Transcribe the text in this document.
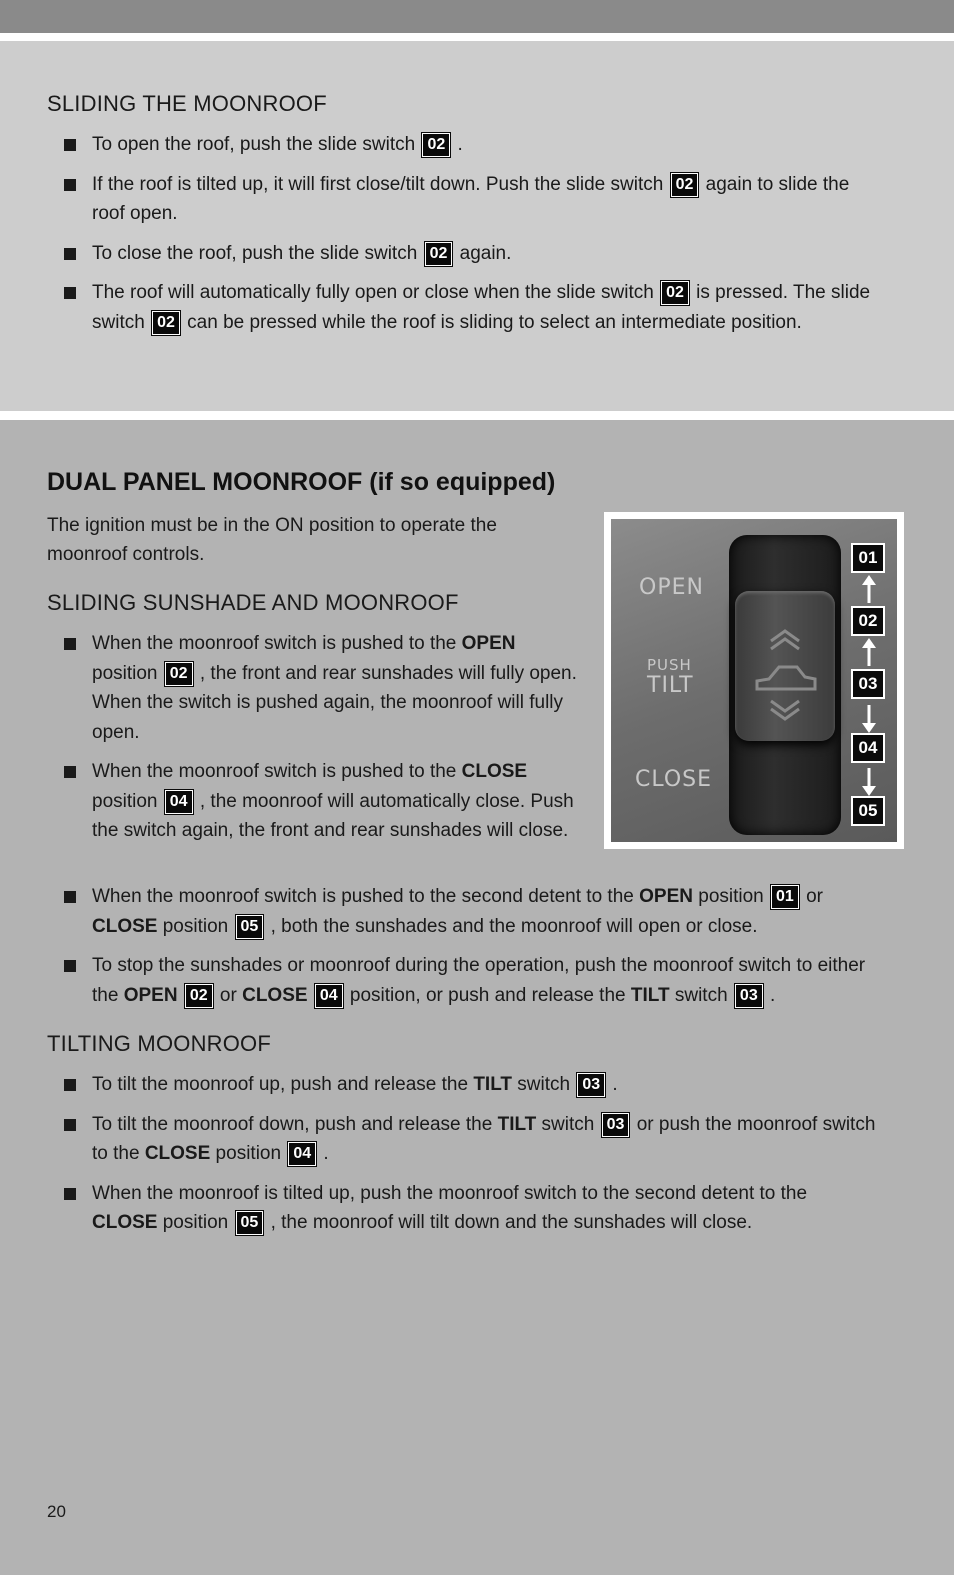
SLIDING THE MOONROOF
To open the roof, push the slide switch 02 .
If the roof is tilted up, it will first close/tilt down. Push the slide switch 02 again to slide the roof open.
To close the roof, push the slide switch 02 again.
The roof will automatically fully open or close when the slide switch 02 is pressed. The slide switch 02 can be pressed while the roof is sliding to select an intermediate position.
DUAL PANEL MOONROOF (if so equipped)

The ignition must be in the ON position to operate the moonroof controls.

SLIDING SUNSHADE AND MOONROOF
When the moonroof switch is pushed to the OPEN position 02 , the front and rear sunshades will fully open. When the switch is pushed again, the moonroof will fully open.
When the moonroof switch is pushed to the CLOSE position 04 , the moonroof will automatically close. Push the switch again, the front and rear sunshades will close.
When the moonroof switch is pushed to the second detent to the OPEN position 01 or CLOSE position 05 , both the sunshades and the moonroof will open or close.
To stop the sunshades or moonroof during the operation, push the moonroof switch to either the OPEN 02 or CLOSE 04 position, or push and release the TILT switch 03 .
TILTING MOONROOF
To tilt the moonroof up, push and release the TILT switch 03 .
To tilt the moonroof down, push and release the TILT switch 03 or push the moonroof switch to the CLOSE position 04 .
When the moonroof is tilted up, push the moonroof switch to the second detent to the CLOSE position 05 , the moonroof will tilt down and the sunshades will close.
OPEN
PUSH
TILT
CLOSE
01
02
03
04
05
20
